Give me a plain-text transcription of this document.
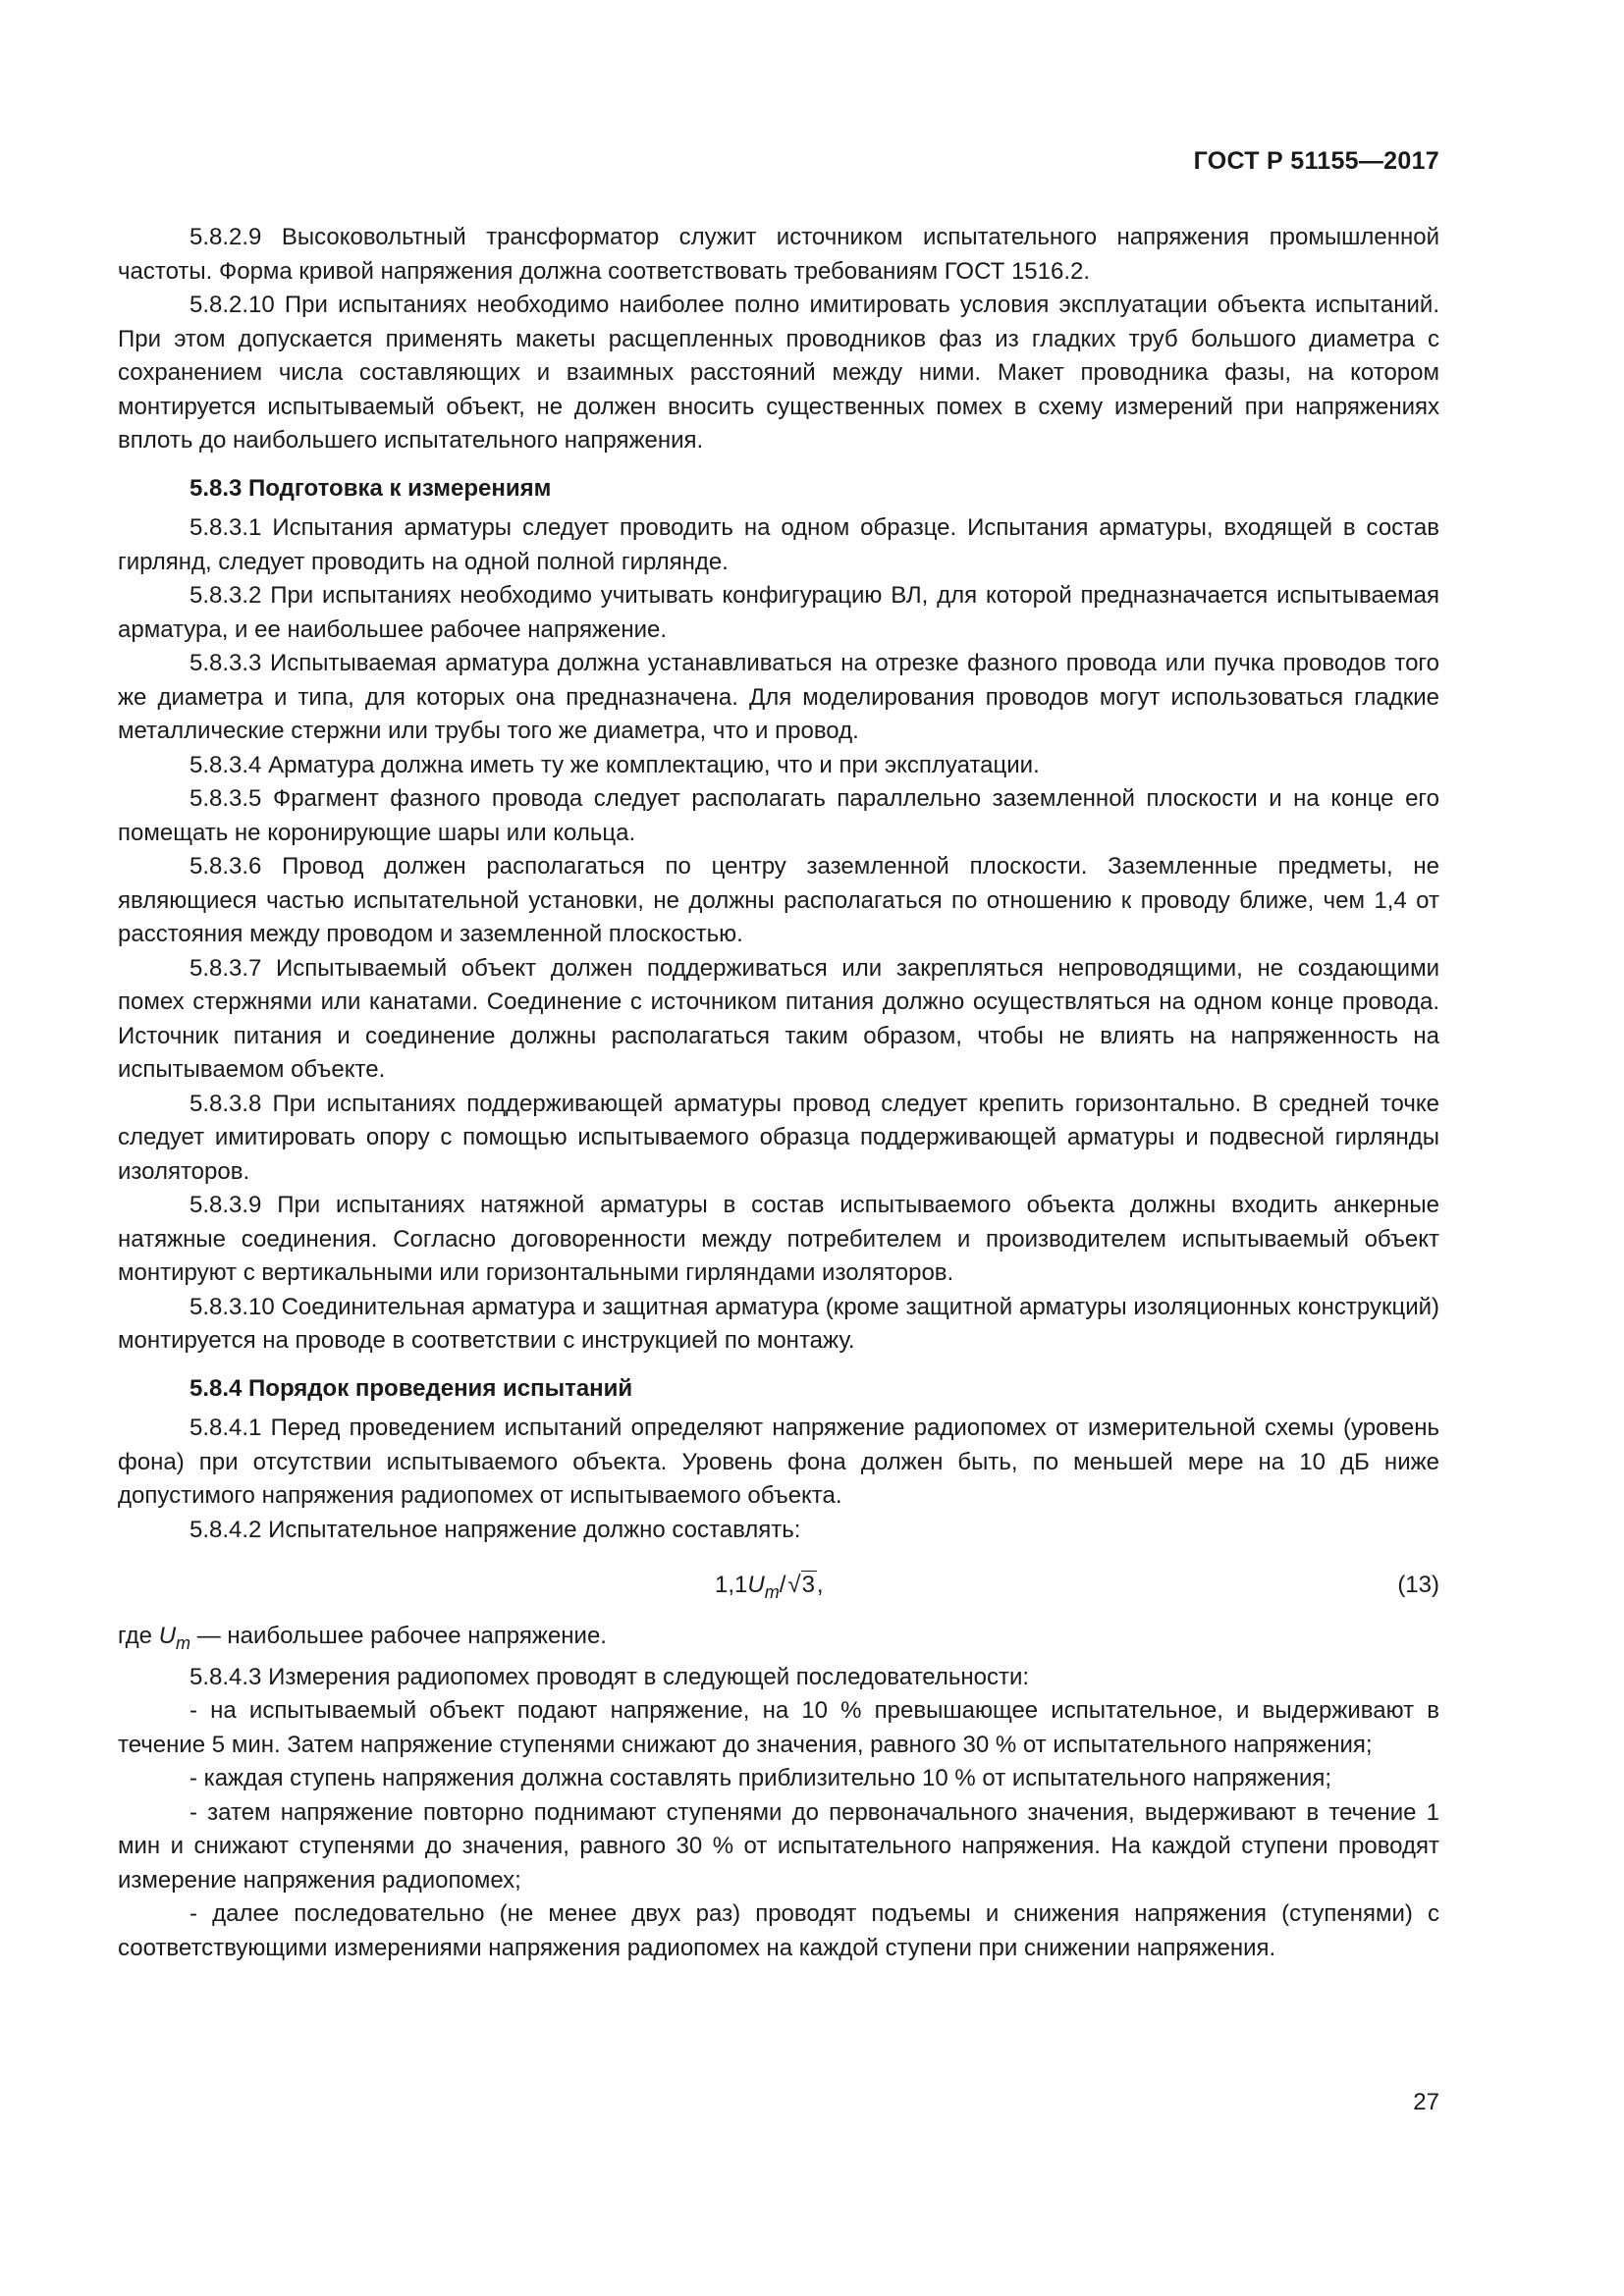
ГОСТ Р 51155—2017

5.8.2.9 Высоковольтный трансформатор служит источником испытательного напряжения промышленной частоты. Форма кривой напряжения должна соответствовать требованиям ГОСТ 1516.2.

5.8.2.10 При испытаниях необходимо наиболее полно имитировать условия эксплуатации объекта испытаний. При этом допускается применять макеты расщепленных проводников фаз из гладких труб большого диаметра с сохранением числа составляющих и взаимных расстояний между ними. Макет проводника фазы, на котором монтируется испытываемый объект, не должен вносить существенных помех в схему измерений при напряжениях вплоть до наибольшего испытательного напряжения.

5.8.3 Подготовка к измерениям

5.8.3.1 Испытания арматуры следует проводить на одном образце. Испытания арматуры, входящей в состав гирлянд, следует проводить на одной полной гирлянде.

5.8.3.2 При испытаниях необходимо учитывать конфигурацию ВЛ, для которой предназначается испытываемая арматура, и ее наибольшее рабочее напряжение.

5.8.3.3 Испытываемая арматура должна устанавливаться на отрезке фазного провода или пучка проводов того же диаметра и типа, для которых она предназначена. Для моделирования проводов могут использоваться гладкие металлические стержни или трубы того же диаметра, что и провод.

5.8.3.4 Арматура должна иметь ту же комплектацию, что и при эксплуатации.

5.8.3.5 Фрагмент фазного провода следует располагать параллельно заземленной плоскости и на конце его помещать не коронирующие шары или кольца.

5.8.3.6 Провод должен располагаться по центру заземленной плоскости. Заземленные предметы, не являющиеся частью испытательной установки, не должны располагаться по отношению к проводу ближе, чем 1,4 от расстояния между проводом и заземленной плоскостью.

5.8.3.7 Испытываемый объект должен поддерживаться или закрепляться непроводящими, не создающими помех стержнями или канатами. Соединение с источником питания должно осуществляться на одном конце провода. Источник питания и соединение должны располагаться таким образом, чтобы не влиять на напряженность на испытываемом объекте.

5.8.3.8 При испытаниях поддерживающей арматуры провод следует крепить горизонтально. В средней точке следует имитировать опору с помощью испытываемого образца поддерживающей арматуры и подвесной гирлянды изоляторов.

5.8.3.9 При испытаниях натяжной арматуры в состав испытываемого объекта должны входить анкерные натяжные соединения. Согласно договоренности между потребителем и производителем испытываемый объект монтируют с вертикальными или горизонтальными гирляндами изоляторов.

5.8.3.10 Соединительная арматура и защитная арматура (кроме защитной арматуры изоляционных конструкций) монтируется на проводе в соответствии с инструкцией по монтажу.

5.8.4 Порядок проведения испытаний

5.8.4.1 Перед проведением испытаний определяют напряжение радиопомех от измерительной схемы (уровень фона) при отсутствии испытываемого объекта. Уровень фона должен быть, по меньшей мере на 10 дБ ниже допустимого напряжения радиопомех от испытываемого объекта.

5.8.4.2 Испытательное напряжение должно составлять:

$1,1U_m/√3$,	(13)

где $U_m$ — наибольшее рабочее напряжение.

5.8.4.3 Измерения радиопомех проводят в следующей последовательности:

- на испытываемый объект подают напряжение, на 10 % превышающее испытательное, и выдерживают в течение 5 мин. Затем напряжение ступенями снижают до значения, равного 30 % от испытательного напряжения;

- каждая ступень напряжения должна составлять приблизительно 10 % от испытательного напряжения;

- затем напряжение повторно поднимают ступенями до первоначального значения, выдерживают в течение 1 мин и снижают ступенями до значения, равного 30 % от испытательного напряжения. На каждой ступени проводят измерение напряжения радиопомех;

- далее последовательно (не менее двух раз) проводят подъемы и снижения напряжения (ступенями) с соответствующими измерениями напряжения радиопомех на каждой ступени при снижении напряжения.

27
